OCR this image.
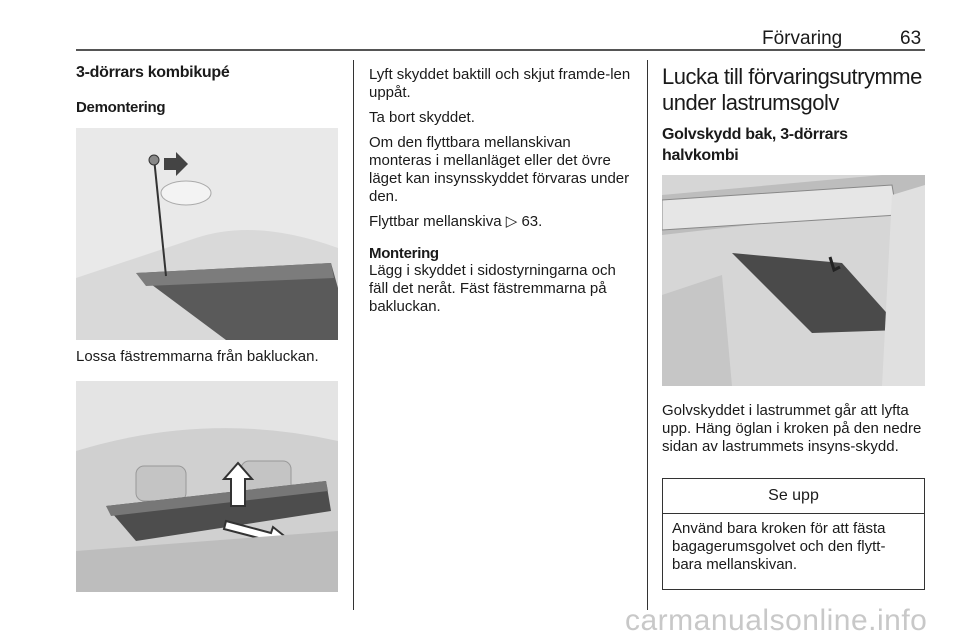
Förvaring	63
3-dörrars kombikupé
Demontering

Lossa fästremmarna från bakluckan.

Lyft skyddet baktill och skjut framde-len uppåt.

Ta bort skyddet.

Om den flyttbara mellanskivan monteras i mellanläget eller det övre läget kan insynsskyddet förvaras under den.

Flyttbar mellanskiva ▷ 63.

Montering

Lägg i skyddet i sidostyrningarna och fäll det neråt. Fäst fästremmarna på bakluckan.

Lucka till förvaringsutrymme under lastrumsgolv
Golvskydd bak, 3-dörrars halvkombi

Golvskyddet i lastrummet går att lyfta upp. Häng öglan i kroken på den nedre sidan av lastrummets insyns-skydd.

Se upp
Använd bara kroken för att fästa bagagerumsgolvet och den flytt-bara mellanskivan.
carmanualsonline.info
